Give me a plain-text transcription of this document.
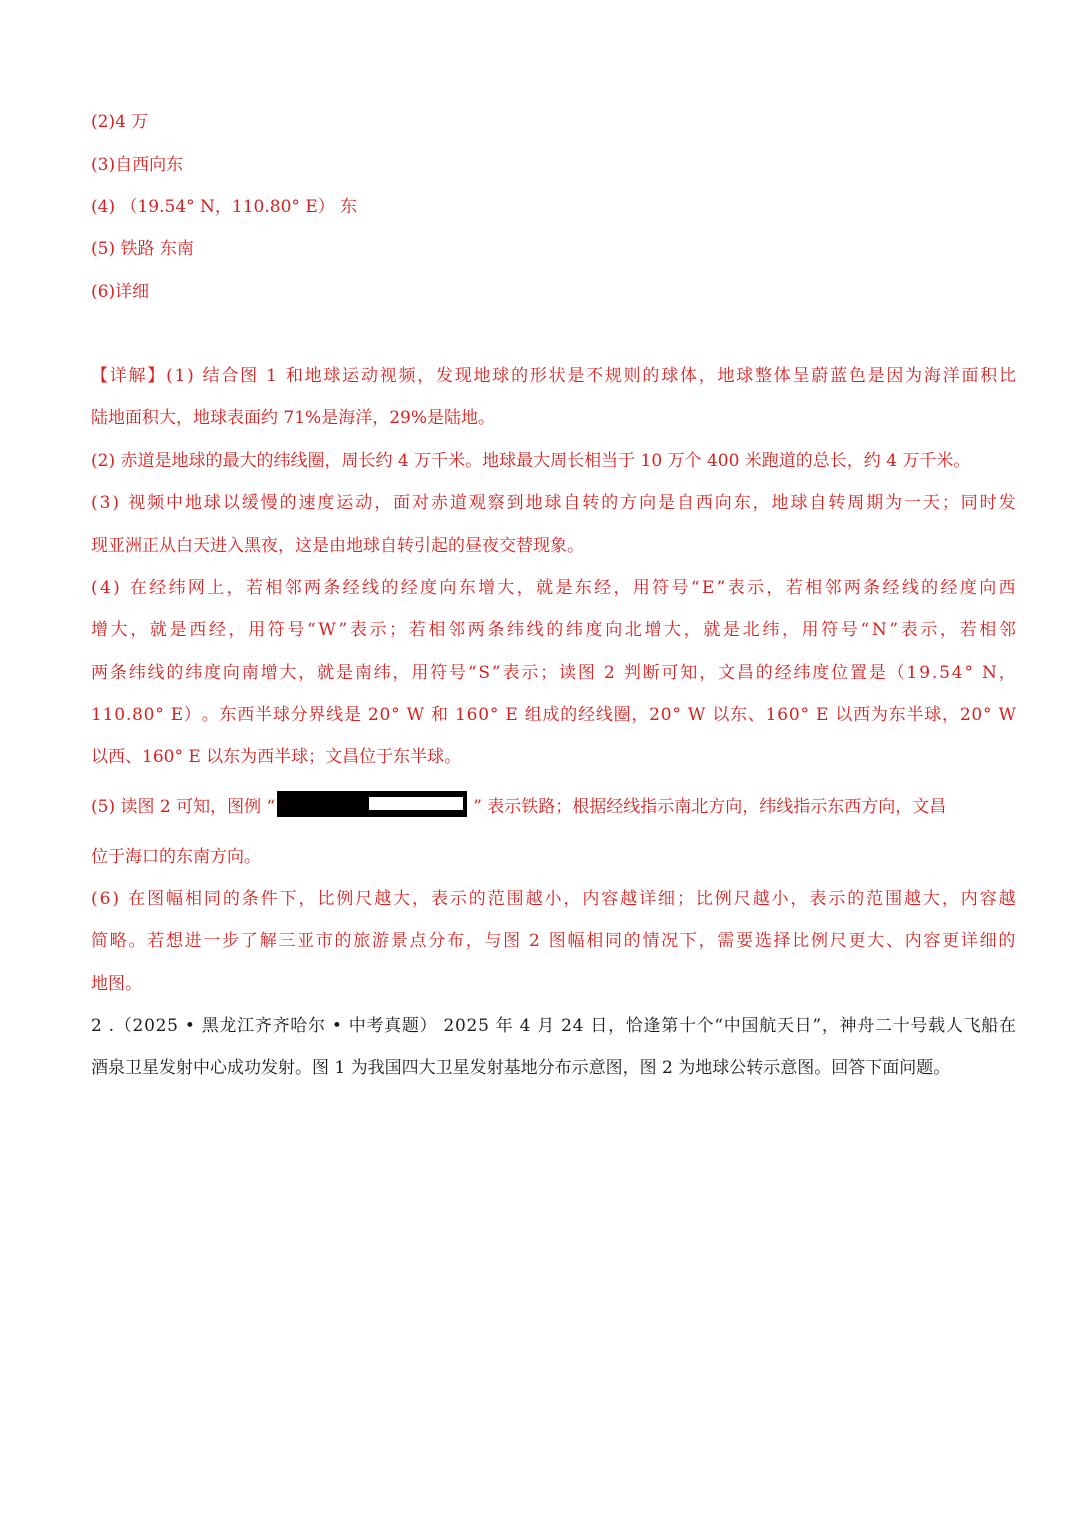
(2)4 万
(3)自西向东
(4) （19.54° N，110.80° E） 东
(5) 铁路 东南
(6)详细
【 详 解 】 ( 1 )
结 合 图
1
和 地 球 运 动 视 频 ， 发 现 地 球 的 形 状 是 不 规 则 的 球 体 ， 地 球 整 体 呈 蔚 蓝 色 是 因 为 海 洋 面 积 比
陆地面积大，地球表面约 71%是海洋，29%是陆地。
(2) 赤道是地球的最大的纬线圈，周长约 4 万千米。地球最大周长相当于 10 万个 400 米跑道的总长，约 4 万千米。
( 3 )
视 频 中 地 球 以 缓 慢 的 速 度 运 动 ， 面 对 赤 道 观 察 到 地 球 自 转 的 方 向 是 自 西 向 东 ， 地 球 自 转 周 期 为 一 天 ； 同 时 发
现亚洲正从白天进入黑夜，这是由地球自转引起的昼夜交替现象。
( 4 )
在 经 纬 网 上 ， 若 相 邻 两 条 经 线 的 经 度 向 东 增 大 ， 就 是 东 经 ， 用 符 号 “ E ” 表 示 ， 若 相 邻 两 条 经 线 的 经 度 向 西
增 大 ， 就 是 西 经 ， 用 符 号 “ W ” 表 示 ； 若 相 邻 两 条 纬 线 的 纬 度 向 北 增 大 ， 就 是 北 纬 ， 用 符 号 “ N ” 表 示 ， 若 相 邻
两 条 纬 线 的 纬 度 向 南 增 大 ， 就 是 南 纬 ， 用 符 号 “ S ” 表 示 ； 读 图
2
判 断 可 知 ， 文 昌 的 经 纬 度 位 置 是 （ 1 9 . 5 4 °
N ，
1 1 0 . 8 0 °
E ） 。 东 西 半 球 分 界 线 是
2 0 °
W
和
1 6 0 °
E
组 成 的 经 线 圈 ， 2 0 °
W
以 东 、 1 6 0 °
E
以 西 为 东 半 球 ， 2 0 °
W
以西、160° E 以东为西半球；文昌位于东半球。
(5) 读图 2 可知，图例 “	” 表示铁路；根据经线指示南北方向，纬线指示东西方向，文昌
位于海口的东南方向。
( 6 )
在 图 幅 相 同 的 条 件 下 ， 比 例 尺 越 大 ， 表 示 的 范 围 越 小 ， 内 容 越 详 细 ； 比 例 尺 越 小 ， 表 示 的 范 围 越 大 ， 内 容 越
简 略 。 若 想 进 一 步 了 解 三 亚 市 的 旅 游 景 点 分 布 ， 与 图
2
图 幅 相 同 的 情 况 下 ， 需 要 选 择 比 例 尺 更 大 、 内 容 更 详 细 的
地图。
2
. （ 2 0 2 5
•
黑 龙 江 齐 齐 哈 尔
•
中 考 真 题 ）
2 0 2 5
年
4
月
2 4
日 ， 恰 逢 第 十 个 “ 中 国 航 天 日 ” ， 神 舟 二 十 号 载 人 飞 船 在
酒泉卫星发射中心成功发射。图 1 为我国四大卫星发射基地分布示意图，图 2 为地球公转示意图。回答下面问题。
